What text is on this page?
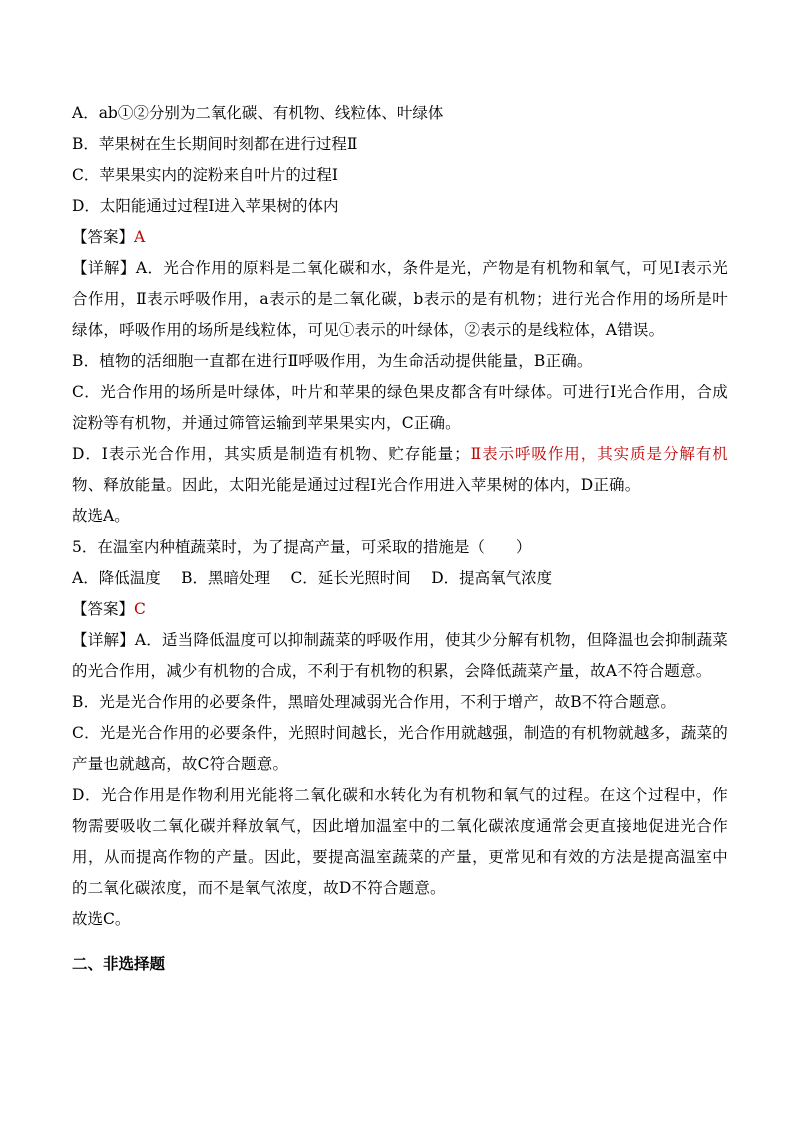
A．ab①②分别为二氧化碳、有机物、线粒体、叶绿体
B．苹果树在生长期间时刻都在进行过程Ⅱ
C．苹果果实内的淀粉来自叶片的过程Ⅰ
D．太阳能通过过程Ⅰ进入苹果树的体内
【答案】A
【详解】A．光合作用的原料是二氧化碳和水，条件是光，产物是有机物和氧气，可见Ⅰ表示光合作用，Ⅱ表示呼吸作用，a表示的是二氧化碳，b表示的是有机物；进行光合作用的场所是叶绿体，呼吸作用的场所是线粒体，可见①表示的叶绿体，②表示的是线粒体，A错误。
B．植物的活细胞一直都在进行Ⅱ呼吸作用，为生命活动提供能量，B正确。
C．光合作用的场所是叶绿体，叶片和苹果的绿色果皮都含有叶绿体。可进行Ⅰ光合作用，合成淀粉等有机物，并通过筛管运输到苹果果实内，C正确。
D．Ⅰ表示光合作用，其实质是制造有机物、贮存能量；Ⅱ表示呼吸作用，其实质是分解有机物、释放能量。因此，太阳光能是通过过程Ⅰ光合作用进入苹果树的体内，D正确。
故选A。
5．在温室内种植蔬菜时，为了提高产量，可采取的措施是（　　）
A．降低温度　 B．黑暗处理　 C．延长光照时间　 D．提高氧气浓度
【答案】C
【详解】A．适当降低温度可以抑制蔬菜的呼吸作用，使其少分解有机物，但降温也会抑制蔬菜的光合作用，减少有机物的合成，不利于有机物的积累，会降低蔬菜产量，故A不符合题意。
B．光是光合作用的必要条件，黑暗处理减弱光合作用，不利于增产，故B不符合题意。
C．光是光合作用的必要条件，光照时间越长，光合作用就越强，制造的有机物就越多，蔬菜的产量也就越高，故C符合题意。
D．光合作用是作物利用光能将二氧化碳和水转化为有机物和氧气的过程。在这个过程中，作物需要吸收二氧化碳并释放氧气，因此增加温室中的二氧化碳浓度通常会更直接地促进光合作用，从而提高作物的产量。因此，要提高温室蔬菜的产量，更常见和有效的方法是提高温室中的二氧化碳浓度，而不是氧气浓度，故D不符合题意。
故选C。
二、非选择题
